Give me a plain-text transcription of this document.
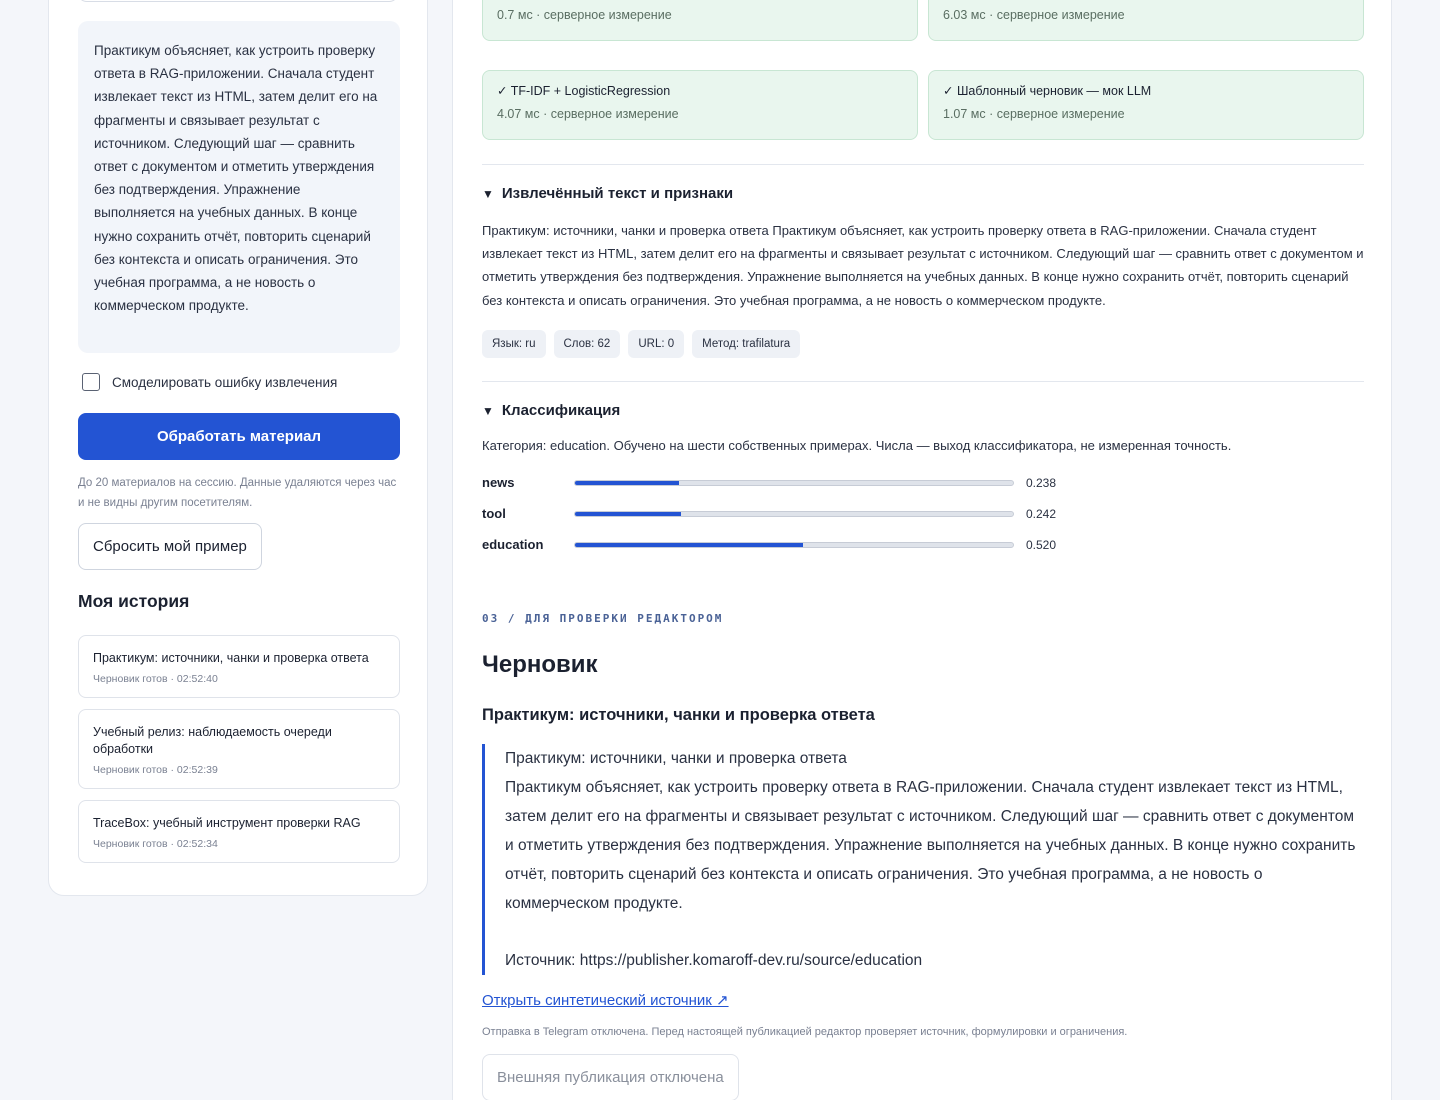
Практикум объясняет, как устроить проверку ответа в RAG-приложении. Сначала студент извлекает текст из HTML, затем делит его на фрагменты и связывает результат с источником. Следующий шаг — сравнить ответ с документом и отметить утверждения без подтверждения. Упражнение выполняется на учебных данных. В конце нужно сохранить отчёт, повторить сценарий без контекста и описать ограничения. Это учебная программа, а не новость о коммерческом продукте.
Смоделировать ошибку извлечения
Обработать материал
До 20 материалов на сессию. Данные удаляются через час и не видны другим посетителям.
Сбросить мой пример
Моя история
Практикум: источники, чанки и проверка ответа
Черновик готов · 02:52:40
Учебный релиз: наблюдаемость очереди обработки
Черновик готов · 02:52:39
TraceBox: учебный инструмент проверки RAG
Черновик готов · 02:52:34
0.7 мс · серверное измерение	6.03 мс · серверное измерение
✓ TF-IDF + LogisticRegression
4.07 мс · серверное измерение
✓ Шаблонный черновик — мок LLM
1.07 мс · серверное измерение
▼ Извлечённый текст и признаки
Практикум: источники, чанки и проверка ответа Практикум объясняет, как устроить проверку ответа в RAG-приложении. Сначала студент извлекает текст из HTML, затем делит его на фрагменты и связывает результат с источником. Следующий шаг — сравнить ответ с документом и отметить утверждения без подтверждения. Упражнение выполняется на учебных данных. В конце нужно сохранить отчёт, повторить сценарий без контекста и описать ограничения. Это учебная программа, а не новость о коммерческом продукте.
Язык: ru	Слов: 62	URL: 0	Метод: trafilatura
▼ Классификация
Категория: education. Обучено на шести собственных примерах. Числа — выход классификатора, не измеренная точность.
news	0.238
tool	0.242
education	0.520
03 / ДЛЯ ПРОВЕРКИ РЕДАКТОРОМ
Черновик
Практикум: источники, чанки и проверка ответа
Практикум: источники, чанки и проверка ответа
Практикум объясняет, как устроить проверку ответа в RAG-приложении. Сначала студент извлекает текст из HTML, затем делит его на фрагменты и связывает результат с источником. Следующий шаг — сравнить ответ с документом и отметить утверждения без подтверждения. Упражнение выполняется на учебных данных. В конце нужно сохранить отчёт, повторить сценарий без контекста и описать ограничения. Это учебная программа, а не новость о коммерческом продукте.
Источник: https://publisher.komaroff-dev.ru/source/education
Открыть синтетический источник ↗
Отправка в Telegram отключена. Перед настоящей публикацией редактор проверяет источник, формулировки и ограничения.
Внешняя публикация отключена
